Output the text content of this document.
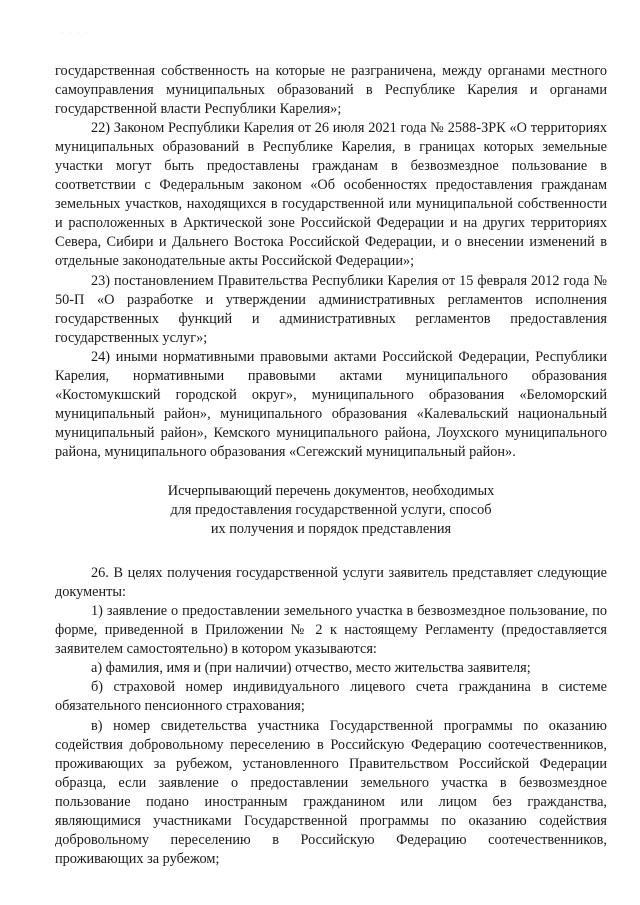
· · · ·

государственная собственность на которые не разграничена, между органами местного самоуправления муниципальных образований в Республике Карелия и органами государственной власти Республики Карелия»;

22) Законом Республики Карелия от 26 июля 2021 года № 2588-ЗРК «О территориях муниципальных образований в Республике Карелия, в границах которых земельные участки могут быть предоставлены гражданам в безвозмездное пользование в соответствии с Федеральным законом «Об особенностях предоставления гражданам земельных участков, находящихся в государственной или муниципальной собственности и расположенных в Арктической зоне Российской Федерации и на других территориях Севера, Сибири и Дальнего Востока Российской Федерации, и о внесении изменений в отдельные законодательные акты Российской Федерации»;

23) постановлением Правительства Республики Карелия от 15 февраля 2012 года № 50-П «О разработке и утверждении административных регламентов исполнения государственных функций и административных регламентов предоставления государственных услуг»;

24) иными нормативными правовыми актами Российской Федерации, Республики Карелия, нормативными правовыми актами муниципального образования «Костомукшский городской округ», муниципального образования «Беломорский муниципальный район», муниципального образования «Калевальский национальный муниципальный район», Кемского муниципального района, Лоухского муниципального района, муниципального образования «Сегежский муниципальный район».

Исчерпывающий перечень документов, необходимых

для предоставления государственной услуги, способ

их получения и порядок представления

26. В целях получения государственной услуги заявитель представляет следующие документы:

1) заявление о предоставлении земельного участка в безвозмездное пользование, по форме, приведенной в Приложении № 2 к настоящему Регламенту (предоставляется заявителем самостоятельно) в котором указываются:

а) фамилия, имя и (при наличии) отчество, место жительства заявителя;

б) страховой номер индивидуального лицевого счета гражданина в системе обязательного пенсионного страхования;

в) номер свидетельства участника Государственной программы по оказанию содействия добровольному переселению в Российскую Федерацию соотечественников, проживающих за рубежом, установленного Правительством Российской Федерации образца, если заявление о предоставлении земельного участка в безвозмездное пользование подано иностранным гражданином или лицом без гражданства, являющимися участниками Государственной программы по оказанию содействия добровольному переселению в Российскую Федерацию соотечественников, проживающих за рубежом;
